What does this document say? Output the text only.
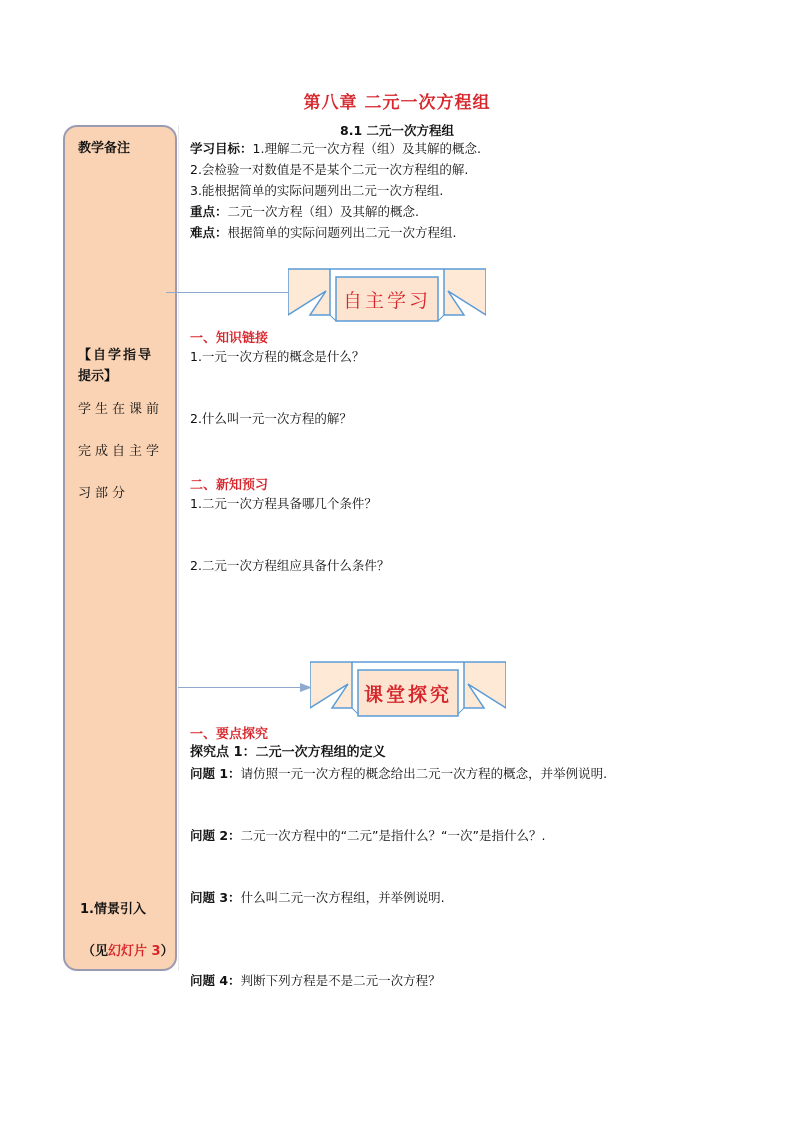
第八章 二元一次方程组
8.1 二元一次方程组
教学备注
【自学指导
提示】
学生在课前
完成自主学
习部分
1.情景引入
（见幻灯片 3）
学习目标：1.理解二元一次方程（组）及其解的概念.
2.会检验一对数值是不是某个二元一次方程组的解.
3.能根据简单的实际问题列出二元一次方程组.
重点：二元一次方程（组）及其解的概念.
难点：根据简单的实际问题列出二元一次方程组.
自主学习
一、知识链接
1.一元一次方程的概念是什么？
2.什么叫一元一次方程的解？
二、新知预习
1.二元一次方程具备哪几个条件？
2.二元一次方程组应具备什么条件？
课堂探究
一、要点探究
探究点 1：二元一次方程组的定义
问题 1：请仿照一元一次方程的概念给出二元一次方程的概念，并举例说明.
问题 2：二元一次方程中的“二元”是指什么？“一次”是指什么？.
问题 3：什么叫二元一次方程组，并举例说明.
问题 4：判断下列方程是不是二元一次方程？
